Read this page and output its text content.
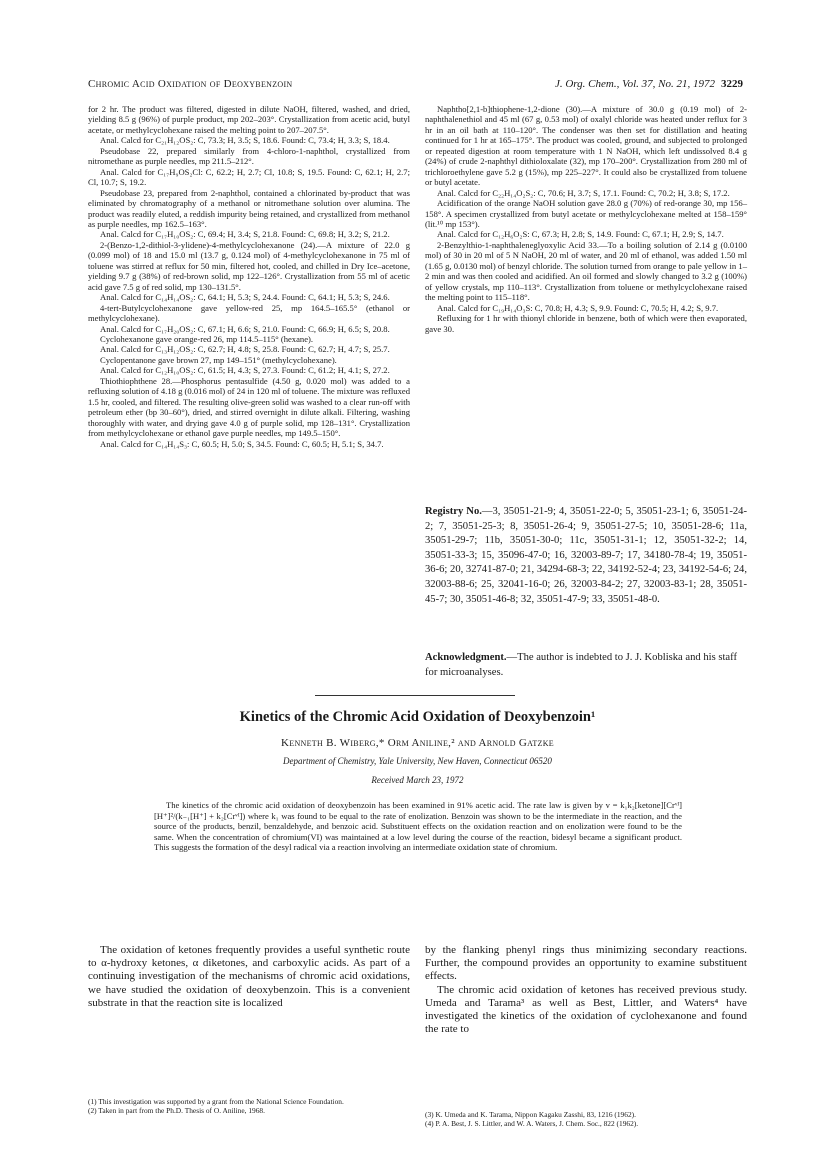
Chromic Acid Oxidation of Deoxybenzoin	J. Org. Chem., Vol. 37, No. 21, 1972 3229

for 2 hr. The product was filtered, digested in dilute NaOH, filtered, washed, and dried, yielding 8.5 g (96%) of purple product, mp 202–203°. Crystallization from acetic acid, butyl acetate, or methylcyclohexane raised the melting point to 207–207.5°.

Anal. Calcd for C₂₁H₁₂OS₂: C, 73.3; H, 3.5; S, 18.6. Found: C, 73.4; H, 3.3; S, 18.4.

Pseudobase 22, prepared similarly from 4-chloro-1-naphthol, crystallized from nitromethane as purple needles, mp 211.5–212°.

Anal. Calcd for C₁₇H₉OS₂Cl: C, 62.2; H, 2.7; Cl, 10.8; S, 19.5. Found: C, 62.1; H, 2.7; Cl, 10.7; S, 19.2.

Pseudobase 23, prepared from 2-naphthol, contained a chlorinated by-product that was eliminated by chromatography of a methanol or nitromethane solution over alumina. The product was readily eluted, a reddish impurity being retained, and crystallized from methanol as purple needles, mp 162.5–163°.

Anal. Calcd for C₁₇H₁₀OS₂: C, 69.4; H, 3.4; S, 21.8. Found: C, 69.8; H, 3.2; S, 21.2.

2-(Benzo-1,2-dithiol-3-ylidene)-4-methylcyclohexanone (24).—A mixture of 22.0 g (0.099 mol) of 18 and 15.0 ml (13.7 g, 0.124 mol) of 4-methylcyclohexanone in 75 ml of toluene was stirred at reflux for 50 min, filtered hot, cooled, and chilled in Dry Ice–acetone, yielding 9.7 g (38%) of red-brown solid, mp 122–126°. Crystallization from 55 ml of acetic acid gave 7.5 g of red solid, mp 130–131.5°.

Anal. Calcd for C₁₄H₁₄OS₂: C, 64.1; H, 5.3; S, 24.4. Found: C, 64.1; H, 5.3; S, 24.6.

4-tert-Butylcyclohexanone gave yellow-red 25, mp 164.5–165.5° (ethanol or methylcyclohexane).

Anal. Calcd for C₁₇H₂₀OS₂: C, 67.1; H, 6.6; S, 21.0. Found: C, 66.9; H, 6.5; S, 20.8.

Cyclohexanone gave orange-red 26, mp 114.5–115° (hexane).

Anal. Calcd for C₁₃H₁₂OS₂: C, 62.7; H, 4.8; S, 25.8. Found: C, 62.7; H, 4.7; S, 25.7.

Cyclopentanone gave brown 27, mp 149–151° (methylcyclohexane).

Anal. Calcd for C₁₂H₁₀OS₂: C, 61.5; H, 4.3; S, 27.3. Found: C, 61.2; H, 4.1; S, 27.2.

Thiothiophthene 28.—Phosphorus pentasulfide (4.50 g, 0.020 mol) was added to a refluxing solution of 4.18 g (0.016 mol) of 24 in 120 ml of toluene. The mixture was refluxed 1.5 hr, cooled, and filtered. The resulting olive-green solid was washed to a clear run-off with petroleum ether (bp 30–60°), dried, and stirred overnight in dilute alkali. Filtering, washing thoroughly with water, and drying gave 4.0 g of purple solid, mp 128–131°. Crystallization from methylcyclohexane or ethanol gave purple needles, mp 149.5–150°.

Anal. Calcd for C₁₄H₁₄S₃: C, 60.5; H, 5.0; S, 34.5. Found: C, 60.5; H, 5.1; S, 34.7.

Naphtho[2,1-b]thiophene-1,2-dione (30).—A mixture of 30.0 g (0.19 mol) of 2-naphthalenethiol and 45 ml (67 g, 0.53 mol) of oxalyl chloride was heated under reflux for 3 hr in an oil bath at 110–120°. The condenser was then set for distillation and heating continued for 1 hr at 165–175°. The product was cooled, ground, and subjected to prolonged or repeated digestion at room temperature with 1 N NaOH, which left undissolved 8.4 g (24%) of crude 2-naphthyl dithioloxalate (32), mp 170–200°. Crystallization from 280 ml of trichloroethylene gave 5.2 g (15%), mp 225–227°. It could also be crystallized from toluene or butyl acetate.

Anal. Calcd for C₂₂H₁₄O₂S₂: C, 70.6; H, 3.7; S, 17.1. Found: C, 70.2; H, 3.8; S, 17.2.

Acidification of the orange NaOH solution gave 28.0 g (70%) of red-orange 30, mp 156–158°. A specimen crystallized from butyl acetate or methylcyclohexane melted at 158–159° (lit.¹⁰ mp 153°).

Anal. Calcd for C₁₂H₆O₂S: C, 67.3; H, 2.8; S, 14.9. Found: C, 67.1; H, 2.9; S, 14.7.

2-Benzylthio-1-naphthaleneglyoxylic Acid 33.—To a boiling solution of 2.14 g (0.0100 mol) of 30 in 20 ml of 5 N NaOH, 20 ml of water, and 20 ml of ethanol, was added 1.50 ml (1.65 g, 0.0130 mol) of benzyl chloride. The solution turned from orange to pale yellow in 1–2 min and was then cooled and acidified. An oil formed and slowly changed to 3.2 g (100%) of yellow crystals, mp 110–113°. Crystallization from toluene or methylcyclohexane raised the melting point to 115–118°.

Anal. Calcd for C₁₉H₁₄O₃S: C, 70.8; H, 4.3; S, 9.9. Found: C, 70.5; H, 4.2; S, 9.7.

Refluxing for 1 hr with thionyl chloride in benzene, both of which were then evaporated, gave 30.

Registry No.—3, 35051-21-9; 4, 35051-22-0; 5, 35051-23-1; 6, 35051-24-2; 7, 35051-25-3; 8, 35051-26-4; 9, 35051-27-5; 10, 35051-28-6; 11a, 35051-29-7; 11b, 35051-30-0; 11c, 35051-31-1; 12, 35051-32-2; 14, 35051-33-3; 15, 35096-47-0; 16, 32003-89-7; 17, 34180-78-4; 19, 35051-36-6; 20, 32741-87-0; 21, 34294-68-3; 22, 34192-52-4; 23, 34192-54-6; 24, 32003-88-6; 25, 32041-16-0; 26, 32003-84-2; 27, 32003-83-1; 28, 35051-45-7; 30, 35051-46-8; 32, 35051-47-9; 33, 35051-48-0.
Acknowledgment.—The author is indebted to J. J. Kobliska and his staff for microanalyses.
Kinetics of the Chromic Acid Oxidation of Deoxybenzoin¹
Kenneth B. Wiberg,* Orm Aniline,² and Arnold Gatzke
Department of Chemistry, Yale University, New Haven, Connecticut 06520
Received March 23, 1972
The kinetics of the chromic acid oxidation of deoxybenzoin has been examined in 91% acetic acid. The rate law is given by v = k₁k₂[ketone][Crᵛᴵ][H⁺]²/(k₋₁[H⁺] + k₂[Crᵛᴵ]) where k₁ was found to be equal to the rate of enolization. Benzoin was shown to be the intermediate in the reaction, and the source of the products, benzil, benzaldehyde, and benzoic acid. Substituent effects on the oxidation reaction and on enolization were found to be the same. When the concentration of chromium(VI) was maintained at a low level during the course of the reaction, bidesyl became a significant product. This suggests the formation of the desyl radical via a reaction involving an intermediate oxidation state of chromium.
The oxidation of ketones frequently provides a useful synthetic route to α-hydroxy ketones, α diketones, and carboxylic acids. As part of a continuing investigation of the mechanisms of chromic acid oxidations, we have studied the oxidation of deoxybenzoin. This is a convenient substrate in that the reaction site is localized

by the flanking phenyl rings thus minimizing secondary reactions. Further, the compound provides an opportunity to examine substituent effects.

The chromic acid oxidation of ketones has received previous study. Umeda and Tarama³ as well as Best, Littler, and Waters⁴ have investigated the kinetics of the oxidation of cyclohexanone and found the rate to

(1) This investigation was supported by a grant from the National Science Foundation.
(2) Taken in part from the Ph.D. Thesis of O. Aniline, 1968.	(3) K. Umeda and K. Tarama, Nippon Kagaku Zasshi, 83, 1216 (1962).
(4) P. A. Best, J. S. Littler, and W. A. Waters, J. Chem. Soc., 822 (1962).
